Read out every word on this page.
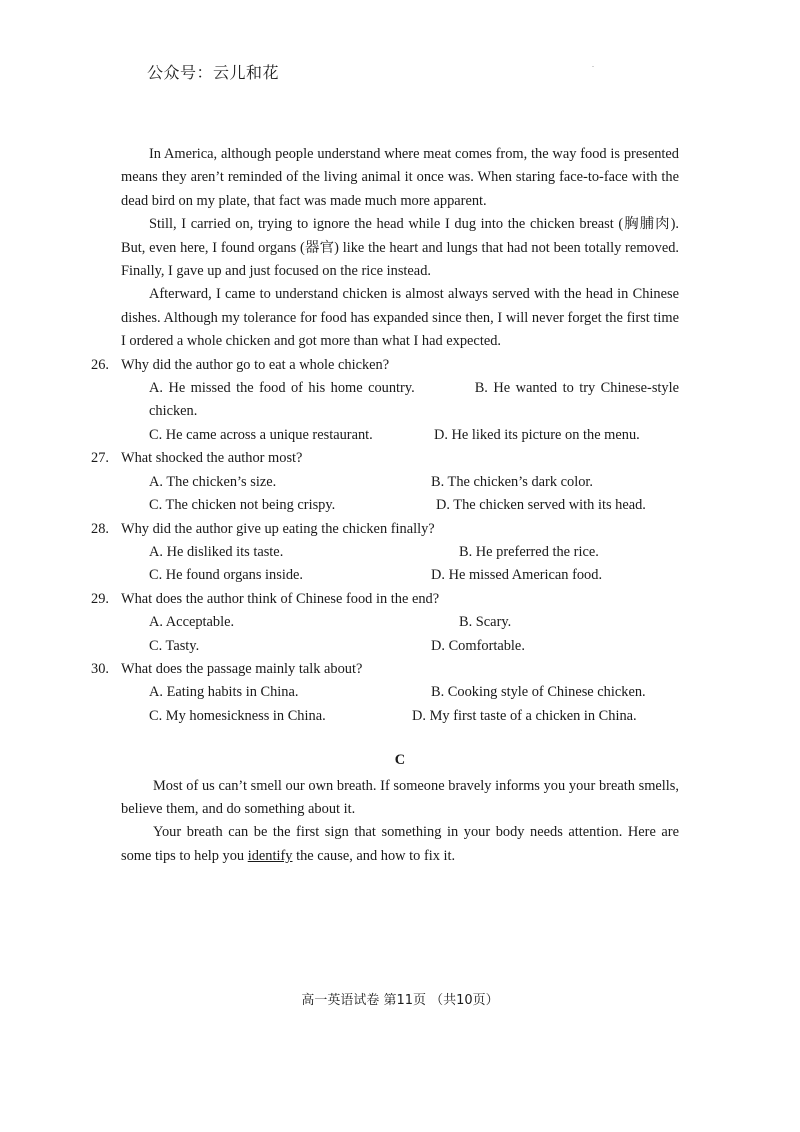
公众号：云儿和花	.

In America, although people understand where meat comes from, the way food is presented means they aren’t reminded of the living animal it once was. When staring face-to-face with the dead bird on my plate, that fact was made much more apparent.

Still, I carried on, trying to ignore the head while I dug into the chicken breast (胸脯肉). But, even here, I found organs (器官) like the heart and lungs that had not been totally removed. Finally, I gave up and just focused on the rice instead.

Afterward, I came to understand chicken is almost always served with the head in Chinese dishes. Although my tolerance for food has expanded since then, I will never forget the first time I ordered a whole chicken and got more than what I had expected.

26. Why did the author go to eat a whole chicken?

A. He missed the food of his home country.	B. He wanted to try Chinese-style chicken.

C. He came across a unique restaurant.	D. He liked its picture on the menu.

27. What shocked the author most?

A. The chicken’s size.	B. The chicken’s dark color.

C. The chicken not being crispy.	D. The chicken served with its head.

28. Why did the author give up eating the chicken finally?

A. He disliked its taste.	B. He preferred the rice.
C. He found organs inside.	D. He missed American food.

29. What does the author think of Chinese food in the end?

A. Acceptable.	B. Scary.
C. Tasty.	D. Comfortable.

30. What does the passage mainly talk about?

A. Eating habits in China.	B. Cooking style of Chinese chicken.

C. My homesickness in China.	D. My first taste of a chicken in China.

C

Most of us can’t smell our own breath. If someone bravely informs you your breath smells, believe them, and do something about it.

Your breath can be the first sign that something in your body needs attention. Here are some tips to help you identify the cause, and how to fix it.

高一英语试卷 第11页 （共10页）
